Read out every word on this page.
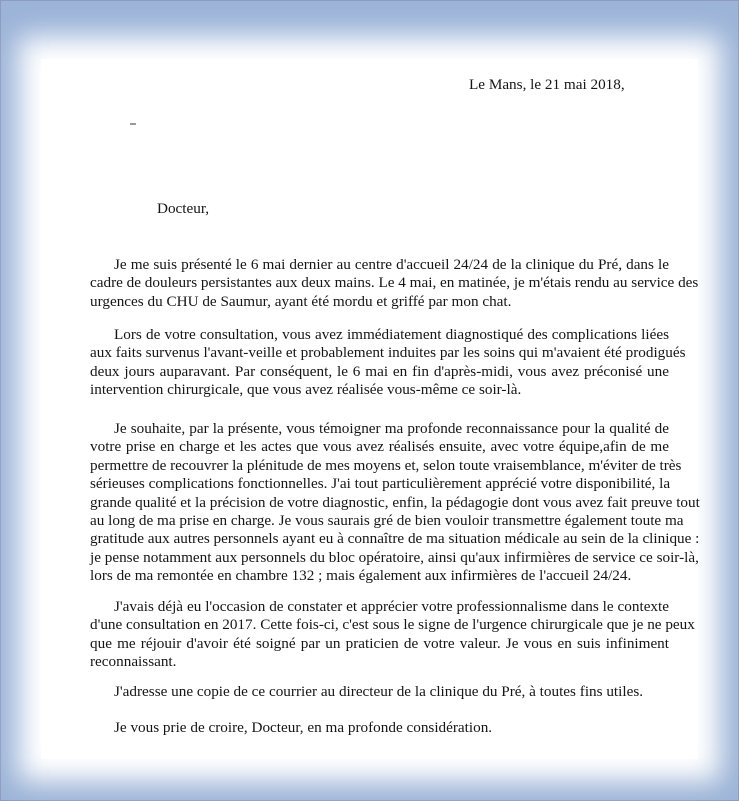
Le Mans, le 21 mai 2018,
Docteur,

Je me suis présenté le 6 mai dernier au centre d'accueil 24/24 de la clinique du Pré, dans le
cadre de douleurs persistantes aux deux mains. Le 4 mai, en matinée, je m'étais rendu au service des
urgences du CHU de Saumur, ayant été mordu et griffé par mon chat.

Lors de votre consultation, vous avez immédiatement diagnostiqué des complications liées
aux faits survenus l'avant-veille et probablement induites par les soins qui m'avaient été prodigués
deux jours auparavant. Par conséquent, le 6 mai en fin d'après-midi, vous avez préconisé une
intervention chirurgicale, que vous avez réalisée vous-même ce soir-là.

Je souhaite, par la présente, vous témoigner ma profonde reconnaissance pour la qualité de
votre prise en charge et les actes que vous avez réalisés ensuite, avec votre équipe,afin de me
permettre de recouvrer la plénitude de mes moyens et, selon toute vraisemblance, m'éviter de très
sérieuses complications fonctionnelles. J'ai tout particulièrement apprécié votre disponibilité, la
grande qualité et la précision de votre diagnostic, enfin, la pédagogie dont vous avez fait preuve tout
au long de ma prise en charge. Je vous saurais gré de bien vouloir transmettre également toute ma
gratitude aux autres personnels ayant eu à connaître de ma situation médicale au sein de la clinique :
je pense notamment aux personnels du bloc opératoire, ainsi qu'aux infirmières de service ce soir-là,
lors de ma remontée en chambre 132 ; mais également aux infirmières de l'accueil 24/24.

J'avais déjà eu l'occasion de constater et apprécier votre professionnalisme dans le contexte
d'une consultation en 2017. Cette fois-ci, c'est sous le signe de l'urgence chirurgicale que je ne peux
que me réjouir d'avoir été soigné par un praticien de votre valeur. Je vous en suis infiniment
reconnaissant.

J'adresse une copie de ce courrier au directeur de la clinique du Pré, à toutes fins utiles.
Je vous prie de croire, Docteur, en ma profonde considération.
